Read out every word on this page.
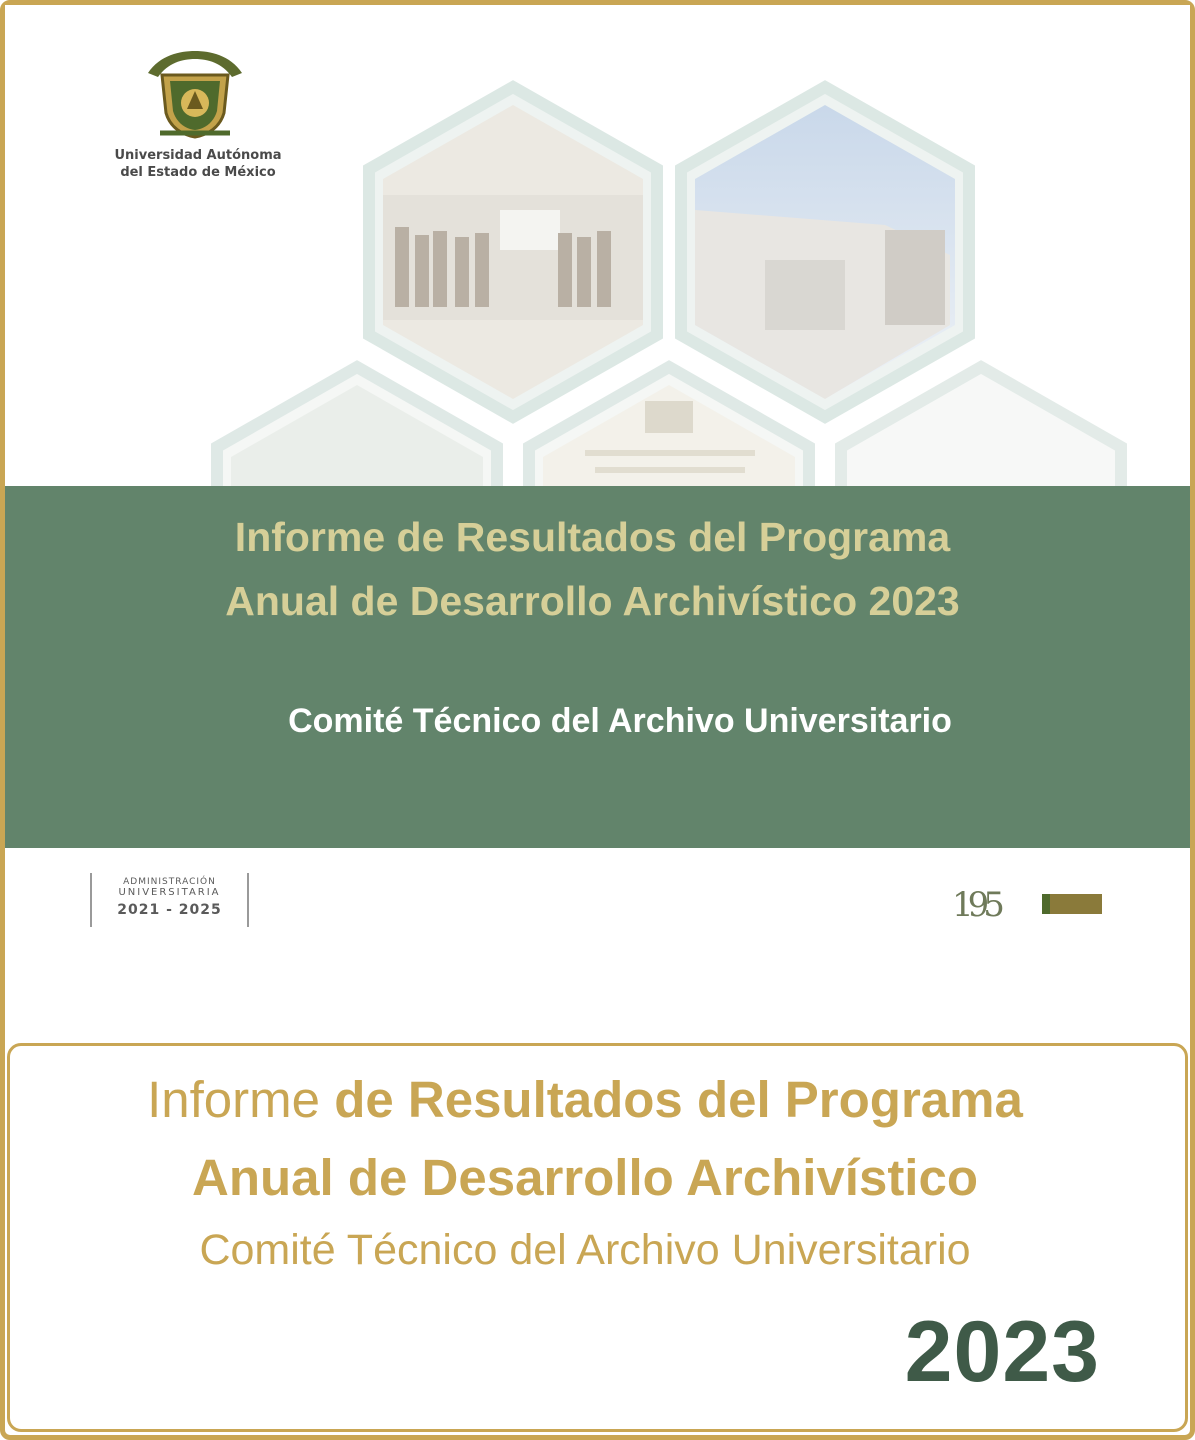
Universidad Autónoma
del Estado de México
ADMINISTRACIÓN
UNIVERSITARIA
2021 - 2025	195
Informe de Resultados del Programa
Anual de Desarrollo Archivístico 2023
Comité Técnico del Archivo Universitario
Informe de Resultados del Programa
Anual de Desarrollo Archivístico
Comité Técnico del Archivo Universitario
2023
